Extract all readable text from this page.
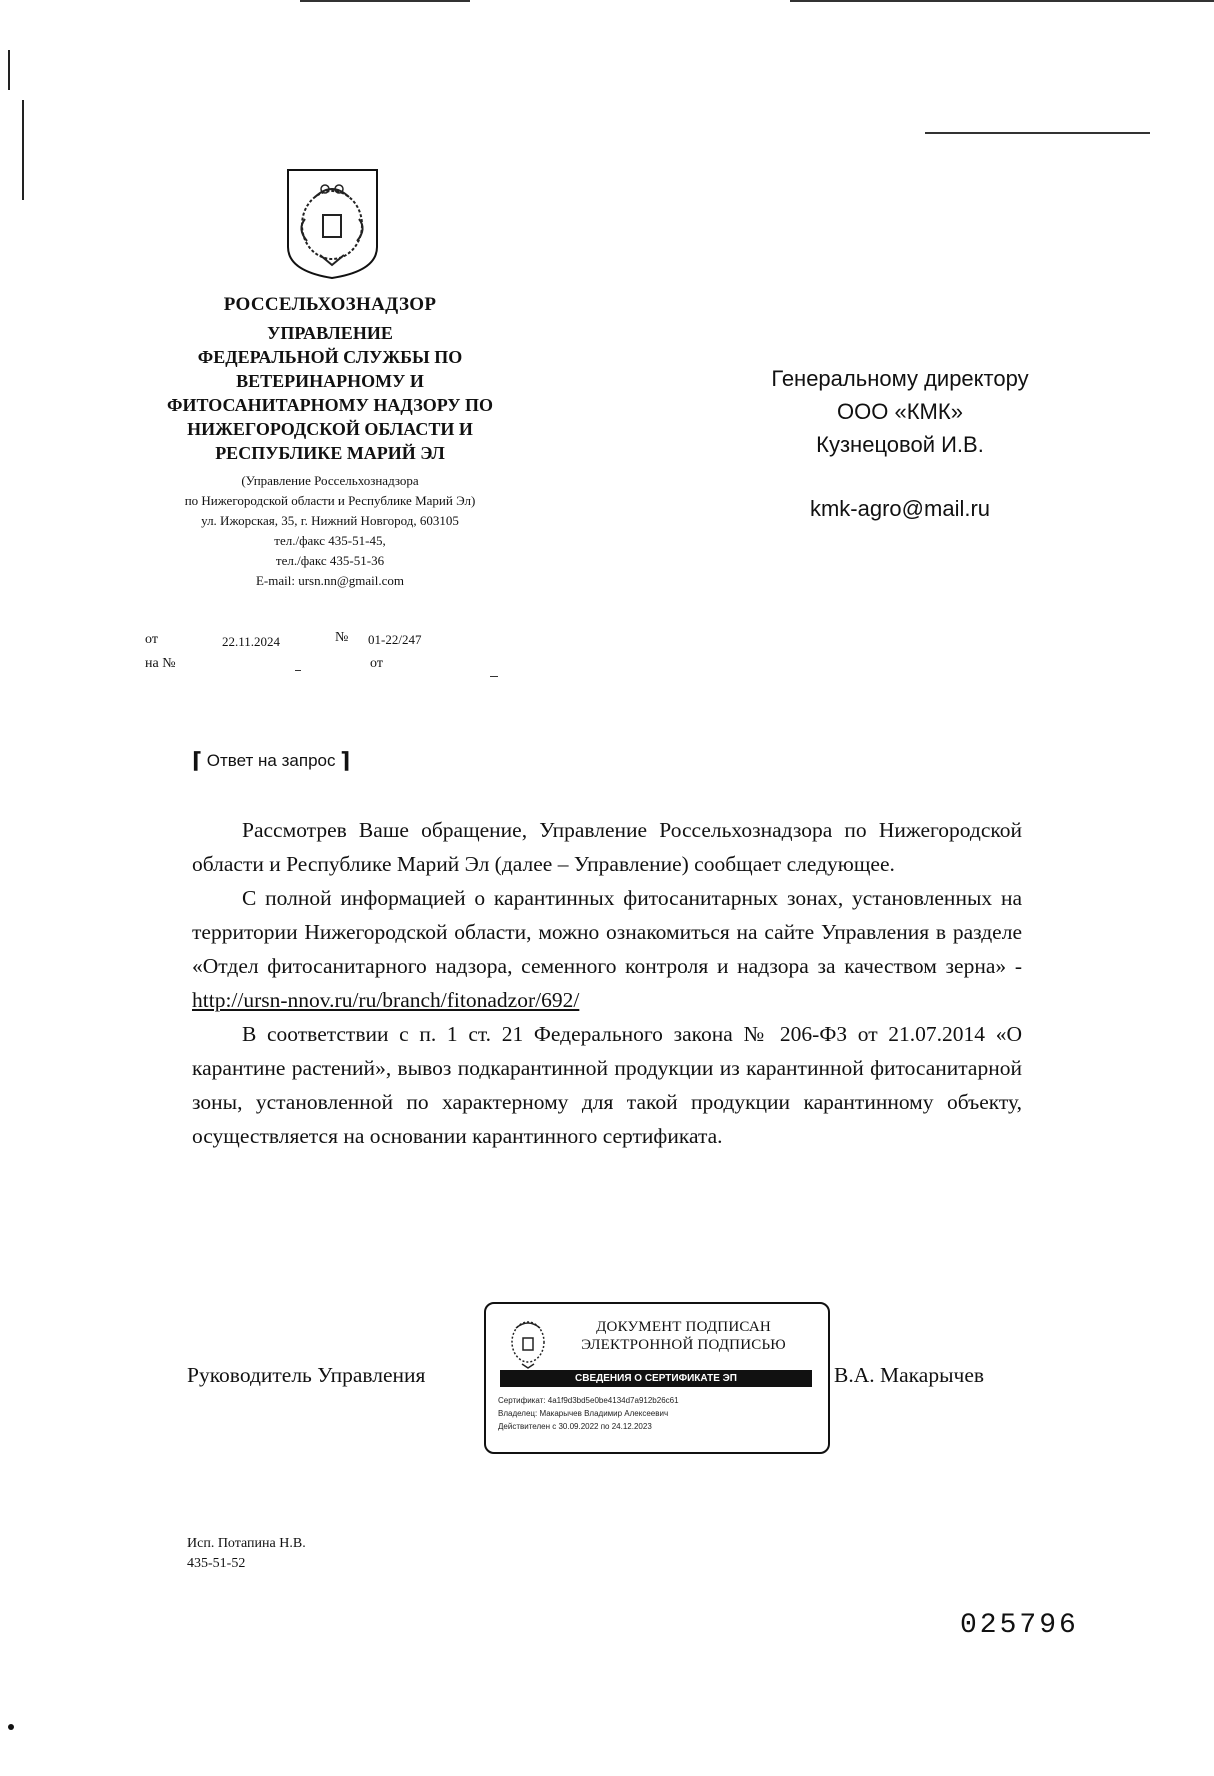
РОССЕЛЬХОЗНАДЗОР
УПРАВЛЕНИЕ
ФЕДЕРАЛЬНОЙ СЛУЖБЫ ПО
ВЕТЕРИНАРНОМУ И
ФИТОСАНИТАРНОМУ НАДЗОРУ ПО
НИЖЕГОРОДСКОЙ ОБЛАСТИ И
РЕСПУБЛИКЕ МАРИЙ ЭЛ
(Управление Россельхознадзора
по Нижегородской области и Республике Марий Эл)
ул. Ижорская, 35, г. Нижний Новгород, 603105
тел./факс 435-51-45,
тел./факс 435-51-36
E-mail: ursn.nn@gmail.com
от	22.11.2024	№ 01-22/247
на №	от
Генеральному директору
ООО «КМК»
Кузнецовой И.В.
kmk-agro@mail.ru
⌈ Ответ на запрос ⌉

Рассмотрев Ваше обращение, Управление Россельхознадзора по Нижегородской области и Республике Марий Эл (далее – Управление) сообщает следующее.

С полной информацией о карантинных фитосанитарных зонах, установленных на территории Нижегородской области, можно ознакомиться на сайте Управления в разделе «Отдел фитосанитарного надзора, семенного контроля и надзора за качеством зерна» - http://ursn-nnov.ru/ru/branch/fitonadzor/692/

В соответствии с п. 1 ст. 21 Федерального закона № 206-ФЗ от 21.07.2014 «О карантине растений», вывоз подкарантинной продукции из карантинной фитосанитарной зоны, установленной по характерному для такой продукции карантинному объекту, осуществляется на основании карантинного сертификата.

Руководитель Управления
ДОКУМЕНТ ПОДПИСАН
ЭЛЕКТРОННОЙ ПОДПИСЬЮ
СВЕДЕНИЯ О СЕРТИФИКАТЕ ЭП
Сертификат: 4a1f9d3bd5e0be4134d7a912b26c61
Владелец: Макарычев Владимир Алексеевич
Действителен с 30.09.2022 по 24.12.2023
В.А. Макарычев
Исп. Потапина Н.В.
435-51-52
025796
